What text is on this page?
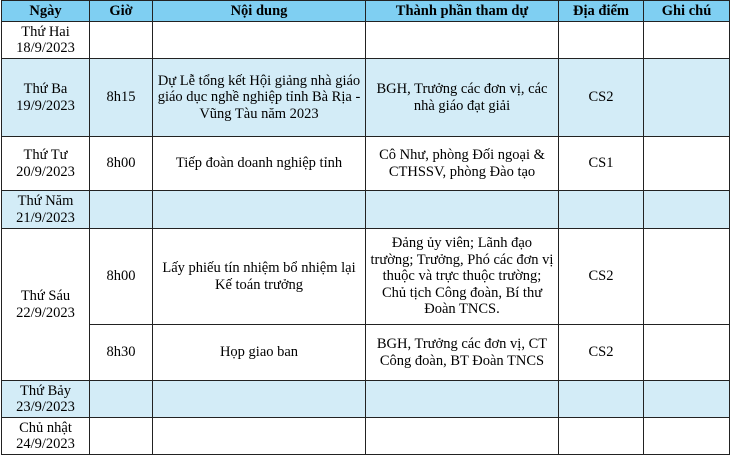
Ngày	Giờ	Nội dung	Thành phần tham dự	Địa điểm	Ghi chú

Thứ Hai
18/9/2023					

Thứ Ba
19/9/2023	8h15	Dự Lễ tổng kết Hội giảng nhà giáo giáo dục nghề nghiệp tỉnh Bà Rịa - Vũng Tàu năm 2023	BGH, Trưởng các đơn vị, các nhà giáo đạt giải	CS2	

Thứ Tư
20/9/2023	8h00	Tiếp đoàn doanh nghiệp tỉnh	Cô Như, phòng Đối ngoại & CTHSSV, phòng Đào tạo	CS1	

Thứ Năm
21/9/2023					

Thứ Sáu
22/9/2023	8h00	Lấy phiếu tín nhiệm bổ nhiệm lại Kế toán trưởng	Đảng ủy viên; Lãnh đạo trường; Trưởng, Phó các đơn vị thuộc và trực thuộc trường; Chủ tịch Công đoàn, Bí thư Đoàn TNCS.	CS2	
	8h30	Họp giao ban	BGH, Trưởng các đơn vị, CT Công đoàn, BT Đoàn TNCS	CS2	

Thứ Bảy
23/9/2023					

Chủ nhật
24/9/2023					
